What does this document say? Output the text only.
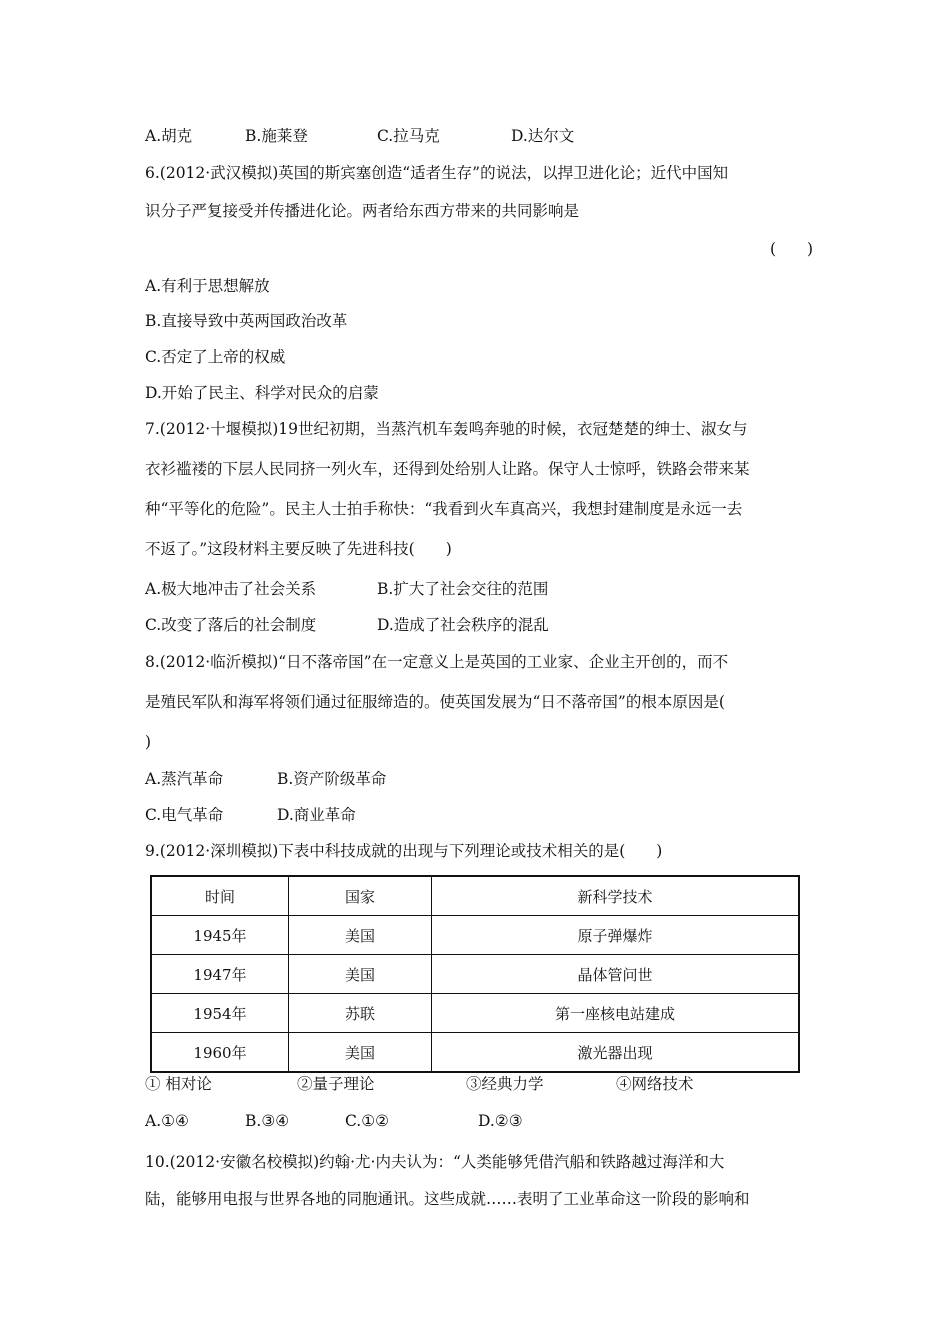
A.胡克	B.施莱登	C.拉马克	D.达尔文
6.(2012·武汉模拟)英国的斯宾塞创造“适者生存”的说法，以捍卫进化论；近代中国知
识分子严复接受并传播进化论。两者给东西方带来的共同影响是
(　　)
A.有利于思想解放
B.直接导致中英两国政治改革
C.否定了上帝的权威
D.开始了民主、科学对民众的启蒙
7.(2012·十堰模拟)19世纪初期，当蒸汽机车轰鸣奔驰的时候，衣冠楚楚的绅士、淑女与
衣衫褴褛的下层人民同挤一列火车，还得到处给别人让路。保守人士惊呼，铁路会带来某
种“平等化的危险”。民主人士拍手称快：“我看到火车真高兴，我想封建制度是永远一去
不返了。”这段材料主要反映了先进科技(　　)
A.极大地冲击了社会关系	B.扩大了社会交往的范围
C.改变了落后的社会制度	D.造成了社会秩序的混乱
8.(2012·临沂模拟)“日不落帝国”在一定意义上是英国的工业家、企业主开创的，而不
是殖民军队和海军将领们通过征服缔造的。使英国发展为“日不落帝国”的根本原因是(
)
A.蒸汽革命	B.资产阶级革命
C.电气革命	D.商业革命
9.(2012·深圳模拟)下表中科技成就的出现与下列理论或技术相关的是(　　)
时间	国家	新科学技术
1945年	美国	原子弹爆炸
1947年	美国	晶体管问世
1954年	苏联	第一座核电站建成
1960年	美国	激光器出现
① 相对论	②量子理论	③经典力学	④网络技术
A.①④	B.③④	C.①②	D.②③
10.(2012·安徽名校模拟)约翰·尤·内夫认为：“人类能够凭借汽船和铁路越过海洋和大
陆，能够用电报与世界各地的同胞通讯。这些成就……表明了工业革命这一阶段的影响和
